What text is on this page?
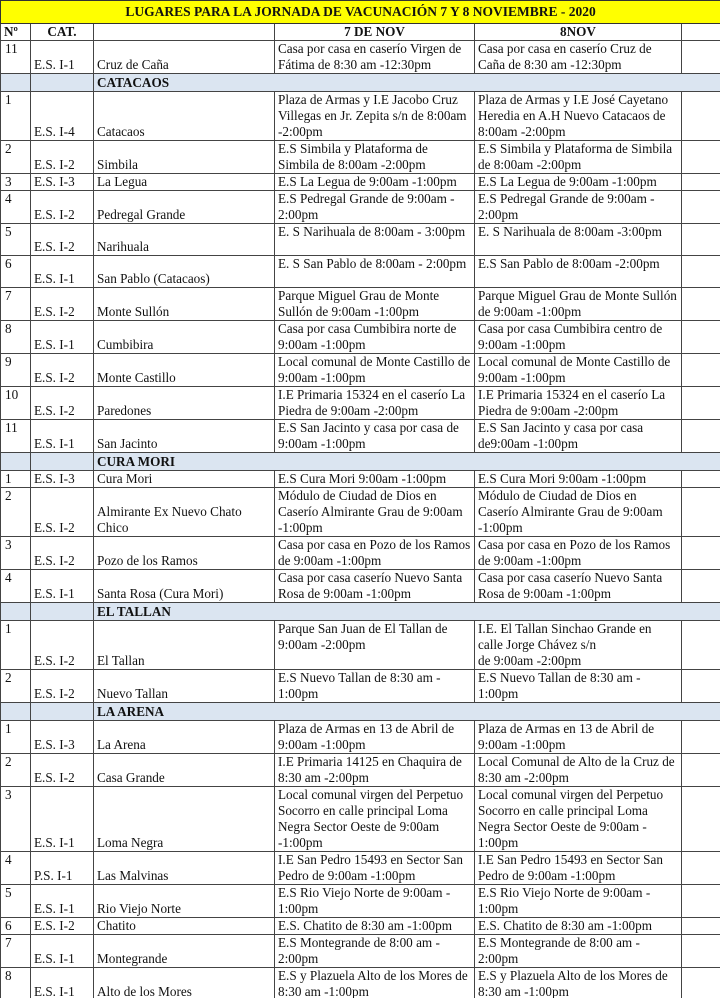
LUGARES PARA LA JORNADA DE VACUNACIÓN 7 Y 8 NOVIEMBRE - 2020					
Nº	CAT.		7 DE NOV	8NOV	
11	E.S. I-1	Cruz de Caña	Casa por casa en caserío Virgen de Fátima de 8:30 am -12:30pm	Casa por casa en caserío Cruz de Caña de 8:30 am -12:30pm	
		CATACAOS			
1	E.S. I-4	Catacaos	Plaza de Armas y I.E Jacobo Cruz Villegas en Jr. Zepita s/n de 8:00am -2:00pm	Plaza de Armas y I.E José Cayetano Heredia en A.H Nuevo Catacaos de 8:00am -2:00pm	
2	E.S. I-2	Simbila	E.S Simbila y Plataforma de Simbila de 8:00am -2:00pm	E.S Simbila y Plataforma de Simbila de 8:00am -2:00pm	
3	E.S. I-3	La Legua	E.S La Legua de 9:00am -1:00pm	E.S La Legua de 9:00am -1:00pm	
4	E.S. I-2	Pedregal Grande	E.S Pedregal Grande de 9:00am - 2:00pm	E.S Pedregal Grande de 9:00am - 2:00pm	
5	E.S. I-2	Narihuala	E. S Narihuala de 8:00am - 3:00pm	E. S Narihuala de 8:00am -3:00pm	
6	E.S. I-1	San Pablo (Catacaos)	E. S San Pablo de 8:00am - 2:00pm	E.S San Pablo de 8:00am -2:00pm	
7	E.S. I-2	Monte Sullón	Parque Miguel Grau de Monte Sullón de 9:00am -1:00pm	Parque Miguel Grau de Monte Sullón de 9:00am -1:00pm	
8	E.S. I-1	Cumbibira	Casa por casa Cumbibira norte de 9:00am -1:00pm	Casa por casa Cumbibira centro de 9:00am -1:00pm	
9	E.S. I-2	Monte Castillo	Local comunal de Monte Castillo de 9:00am -1:00pm	Local comunal de Monte Castillo de 9:00am -1:00pm	
10	E.S. I-2	Paredones	I.E Primaria 15324 en el caserío La Piedra de 9:00am -2:00pm	I.E Primaria 15324 en el caserío La Piedra de 9:00am -2:00pm	
11	E.S. I-1	San Jacinto	E.S San Jacinto y casa por casa de 9:00am -1:00pm	E.S San Jacinto y casa por casa de9:00am -1:00pm	
		CURA MORI			
1	E.S. I-3	Cura Mori	E.S Cura Mori 9:00am -1:00pm	E.S Cura Mori 9:00am -1:00pm	
2	E.S. I-2	Almirante Ex Nuevo Chato Chico	Módulo de Ciudad de Dios en Caserío Almirante Grau de 9:00am -1:00pm	Módulo de Ciudad de Dios en Caserío Almirante Grau de 9:00am -1:00pm	
3	E.S. I-2	Pozo de los Ramos	Casa por casa en Pozo de los Ramos de 9:00am -1:00pm	Casa por casa en Pozo de los Ramos de 9:00am -1:00pm	
4	E.S. I-1	Santa Rosa (Cura Mori)	Casa por casa caserío Nuevo Santa Rosa de 9:00am -1:00pm	Casa por casa caserío Nuevo Santa Rosa de 9:00am -1:00pm	
		EL TALLAN			
1	E.S. I-2	El Tallan	Parque San Juan de El Tallan de 9:00am -2:00pm	I.E. El Tallan Sinchao Grande en calle Jorge Chávez s/n
de 9:00am -2:00pm	
2	E.S. I-2	Nuevo Tallan	E.S Nuevo Tallan de 8:30 am - 1:00pm	E.S Nuevo Tallan de 8:30 am - 1:00pm	
		LA ARENA			
1	E.S. I-3	La Arena	Plaza de Armas en 13 de Abril de 9:00am -1:00pm	Plaza de Armas en 13 de Abril de 9:00am -1:00pm	
2	E.S. I-2	Casa Grande	I.E Primaria 14125 en Chaquira de 8:30 am -2:00pm	Local Comunal de Alto de la Cruz de 8:30 am -2:00pm	
3	E.S. I-1	Loma Negra	Local comunal virgen del Perpetuo Socorro en calle principal Loma Negra Sector Oeste de 9:00am -1:00pm	Local comunal virgen del Perpetuo Socorro en calle principal Loma Negra Sector Oeste de 9:00am - 1:00pm	
4	P.S. I-1	Las Malvinas	I.E San Pedro 15493 en Sector San Pedro de 9:00am -1:00pm	I.E San Pedro 15493 en Sector San Pedro de 9:00am -1:00pm	
5	E.S. I-1	Rio Viejo Norte	E.S Rio Viejo Norte de 9:00am - 1:00pm	E.S Rio Viejo Norte de 9:00am - 1:00pm	
6	E.S. I-2	Chatito	E.S. Chatito de 8:30 am -1:00pm	E.S. Chatito de 8:30 am -1:00pm	
7	E.S. I-1	Montegrande	E.S Montegrande de 8:00 am - 2:00pm	E.S Montegrande de 8:00 am - 2:00pm	
8	E.S. I-1	Alto de los Mores	E.S y Plazuela Alto de los Mores de 8:30 am -1:00pm	E.S y Plazuela Alto de los Mores de 8:30 am -1:00pm	
